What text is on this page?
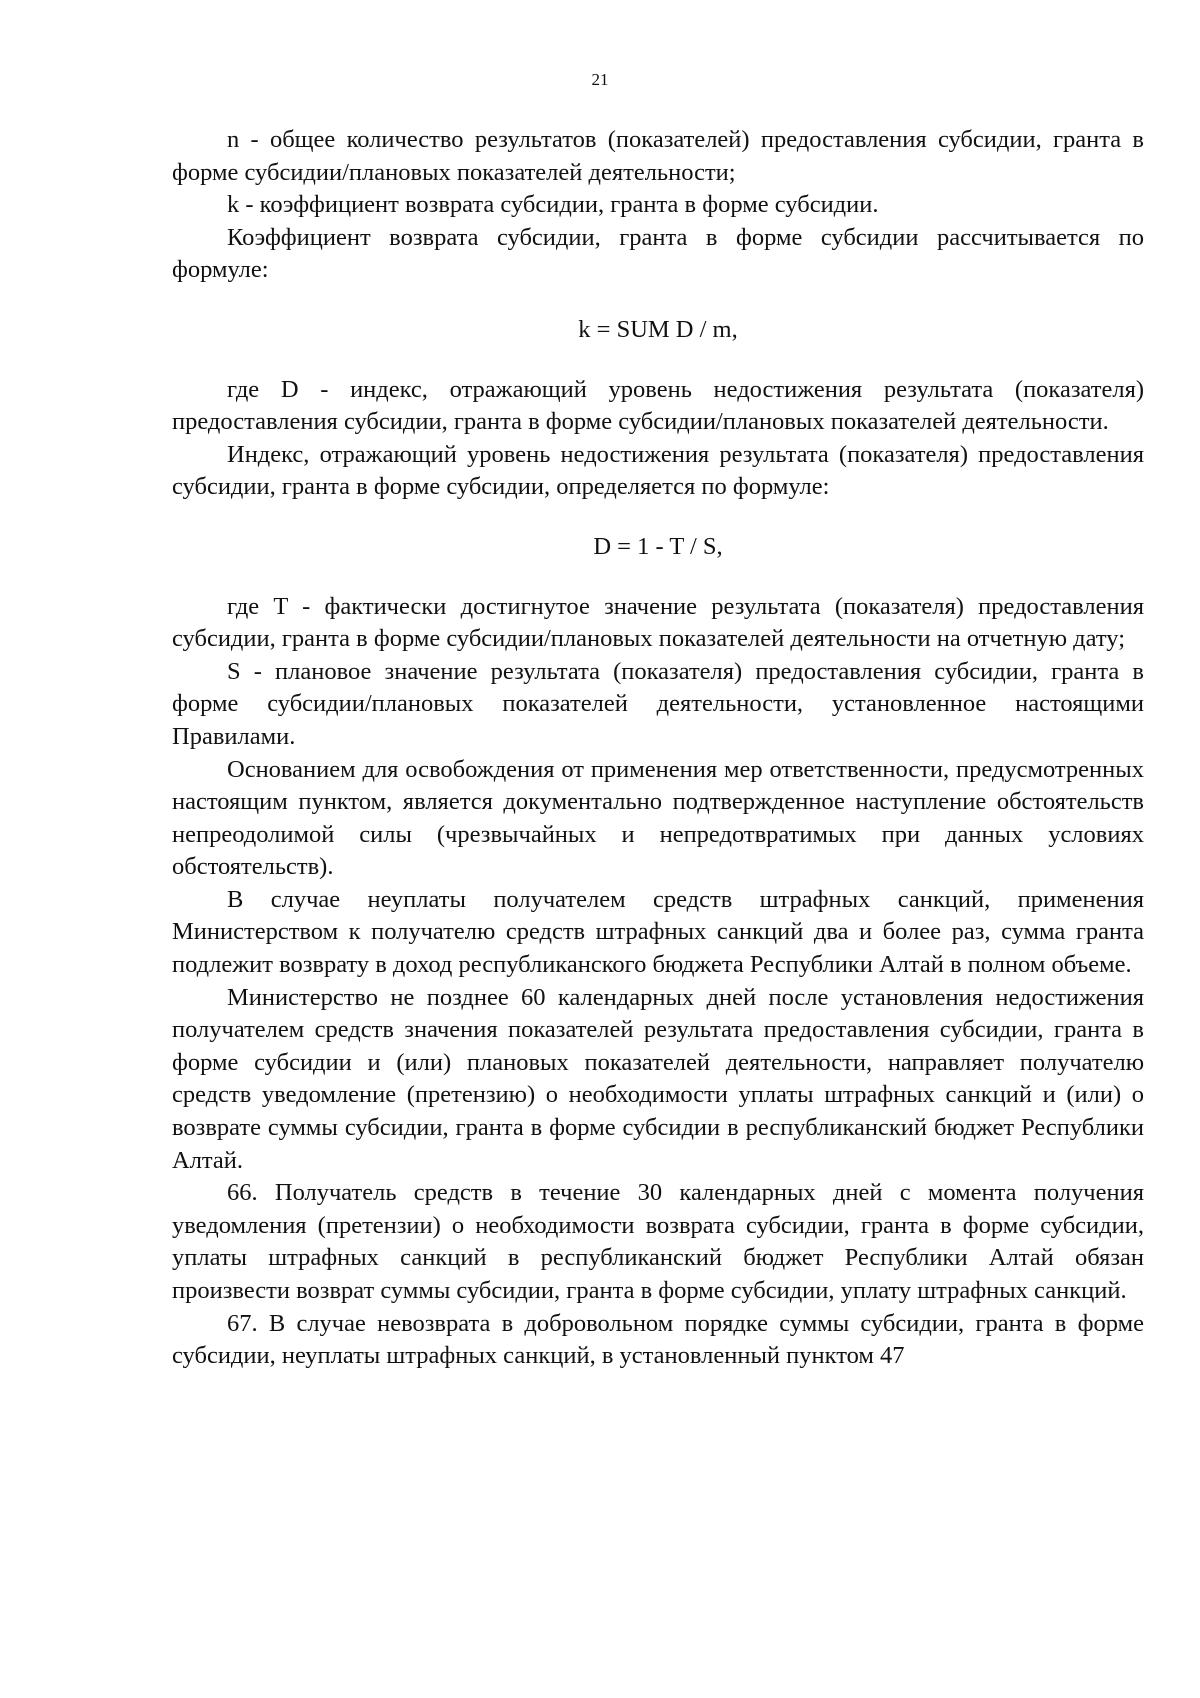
21

n - общее количество результатов (показателей) предоставления субсидии, гранта в форме субсидии/плановых показателей деятельности;

k - коэффициент возврата субсидии, гранта в форме субсидии.

Коэффициент возврата субсидии, гранта в форме субсидии рассчитывается по формуле:

k = SUM D / m,

где D - индекс, отражающий уровень недостижения результата (показателя) предоставления субсидии, гранта в форме субсидии/плановых показателей деятельности.

Индекс, отражающий уровень недостижения результата (показателя) предоставления субсидии, гранта в форме субсидии, определяется по формуле:

D = 1 - T / S,

где T - фактически достигнутое значение результата (показателя) предоставления субсидии, гранта в форме субсидии/плановых показателей деятельности на отчетную дату;

S - плановое значение результата (показателя) предоставления субсидии, гранта в форме субсидии/плановых показателей деятельности, установленное настоящими Правилами.

Основанием для освобождения от применения мер ответственности, предусмотренных настоящим пунктом, является документально подтвержденное наступление обстоятельств непреодолимой силы (чрезвычайных и непредотвратимых при данных условиях обстоятельств).

В случае неуплаты получателем средств штрафных санкций, применения Министерством к получателю средств штрафных санкций два и более раз, сумма гранта подлежит возврату в доход республиканского бюджета Республики Алтай в полном объеме.

Министерство не позднее 60 календарных дней после установления недостижения получателем средств значения показателей результата предоставления субсидии, гранта в форме субсидии и (или) плановых показателей деятельности, направляет получателю средств уведомление (претензию) о необходимости уплаты штрафных санкций и (или) о возврате суммы субсидии, гранта в форме субсидии в республиканский бюджет Республики Алтай.

66. Получатель средств в течение 30 календарных дней с момента получения уведомления (претензии) о необходимости возврата субсидии, гранта в форме субсидии, уплаты штрафных санкций в республиканский бюджет Республики Алтай обязан произвести возврат суммы субсидии, гранта в форме субсидии, уплату штрафных санкций.

67. В случае невозврата в добровольном порядке суммы субсидии, гранта в форме субсидии, неуплаты штрафных санкций, в установленный пунктом 47
